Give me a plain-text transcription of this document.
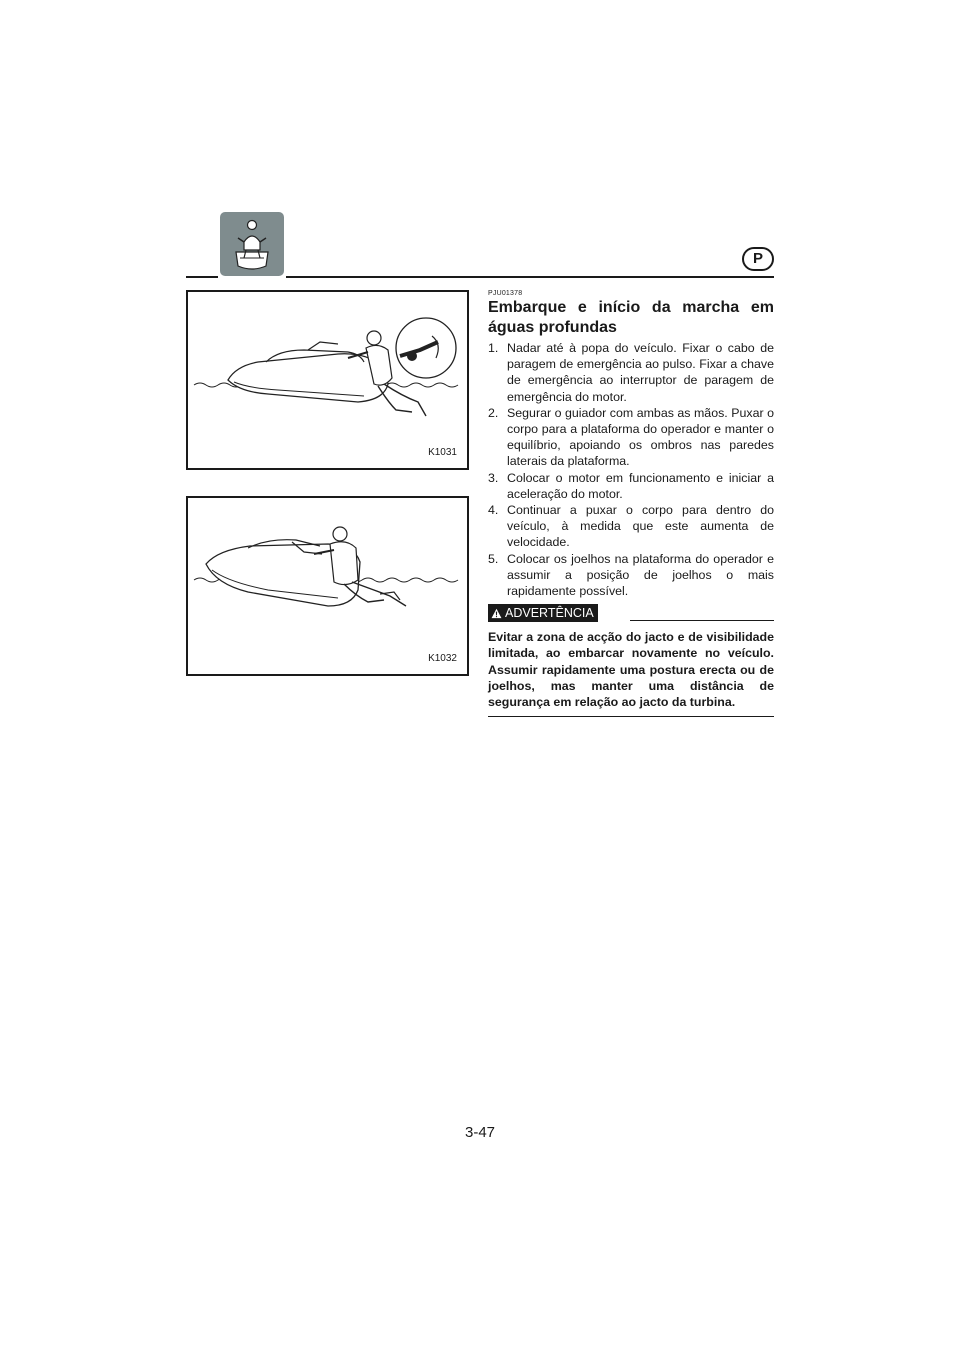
P
K1031
K1032
PJU01378
Embarque e início da marcha em águas profundas
1. Nadar até à popa do veículo. Fixar o cabo de paragem de emergência ao pulso. Fixar a chave de emergência ao interruptor de paragem de emergência do motor.
2. Segurar o guiador com ambas as mãos. Puxar o corpo para a plataforma do operador e manter o equilíbrio, apoiando os ombros nas paredes laterais da plataforma.
3. Colocar o motor em funcionamento e iniciar a aceleração do motor.
4. Continuar a puxar o corpo para dentro do veículo, à medida que este aumenta de velocidade.
5. Colocar os joelhos na plataforma do operador e assumir a posição de joelhos o mais rapidamente possível.
ADVERTÊNCIA
Evitar a zona de acção do jacto e de visibilidade limitada, ao embarcar novamente no veículo. Assumir rapidamente uma postura erecta ou de joelhos, mas manter uma distância de segurança em relação ao jacto da turbina.
3-47
